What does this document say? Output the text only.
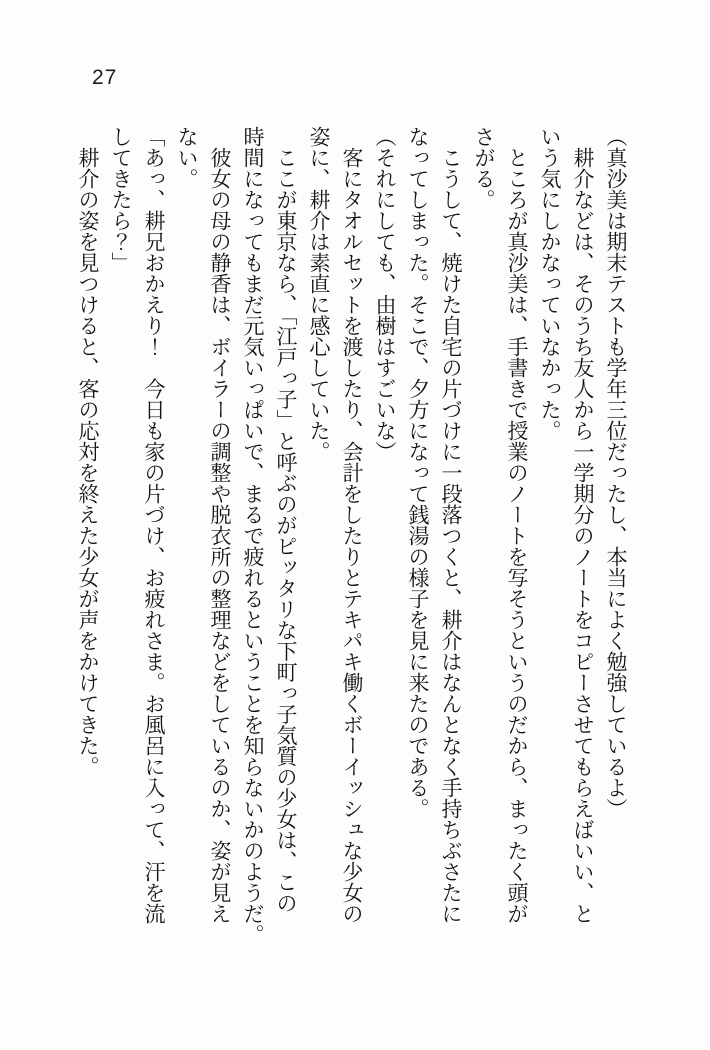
27

（真沙美は期末テストも学年三位だったし、本当によく勉強しているよ）

耕介などは、そのうち友人から一学期分のノートをコピーさせてもらえばいい、と

いう気にしかなっていなかった。

ところが真沙美は、手書きで授業のノートを写そうというのだから、まったく頭が

さがる。

こうして、焼けた自宅の片づけに一段落つくと、耕介はなんとなく手持ちぶさたに

なってしまった。そこで、夕方になって銭湯の様子を見に来たのである。

（それにしても、由樹はすごいな）

客にタオルセットを渡したり、会計をしたりとテキパキ働くボーイッシュな少女の

姿に、耕介は素直に感心していた。

ここが東京なら、「江戸っ子」と呼ぶのがピッタリな下町っ子気質の少女は、この

時間になってもまだ元気いっぱいで、まるで疲れるということを知らないかのようだ。

彼女の母の静香は、ボイラーの調整や脱衣所の整理などをしているのか、姿が見え

ない。

「あっ、耕兄おかえり！　今日も家の片づけ、お疲れさま。お風呂に入って、汗を流

してきたら？」

耕介の姿を見つけると、客の応対を終えた少女が声をかけてきた。
